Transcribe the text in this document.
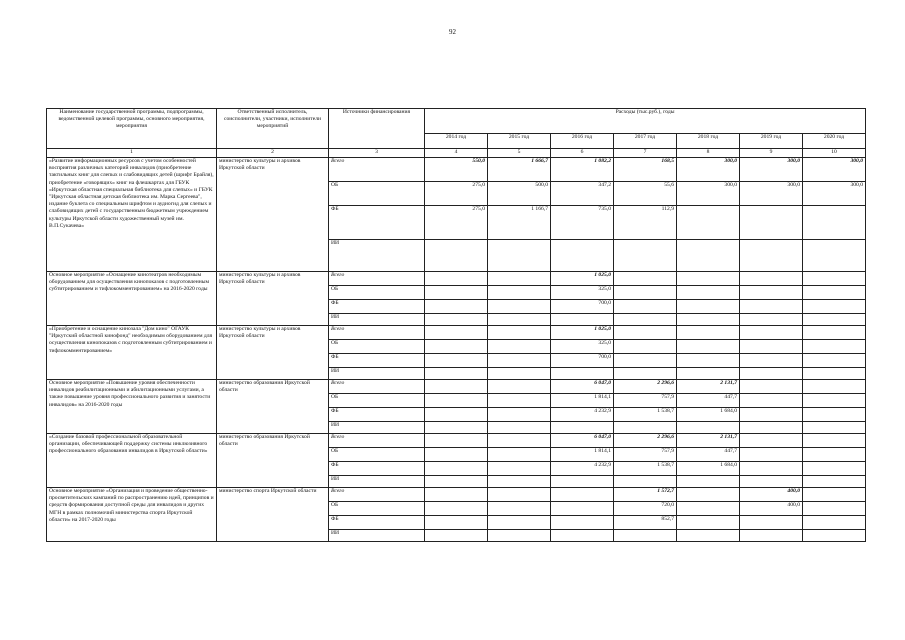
92
Наименование государственной программы, подпрограммы, ведомственной целевой программы, основного мероприятия, мероприятия	Ответственный исполнитель, соисполнители, участники, исполнители мероприятий	Источники финансирования	Расходы (тыс.руб.), годы						
			2014 год	2015 год	2016 год	2017 год	2018 год	2019 год	2020 год
1	2	3	4	5	6	7	8	9	10
«Развитие информационных ресурсов с учетом особенностей восприятия различных категорий инвалидов (приобретение тактильных книг для слепых и слабовидящих детей (шрифт Брайля), приобретение «говорящих» книг на флешкартах для ГБУК «Иркутская областная специальная библиотека для слепых» и ГБУК "Иркутская областная детская библиотека им. Марка Сергеева", издание буклета со специальным шрифтом и аудиогид для слепых и слабовидящих детей с государственным бюджетным учреждением культуры Иркутской области художественный музей им. В.П.Сукачева»	министерство культуры и архивов Иркутской области	Всего	550,0	1 666,7	1 082,2	168,5	300,0	300,0	300,0
		ОБ	275,0	500,0	347,2	55,6	300,0	300,0	300,0
		ФБ	275,0	1 166,7	735,0	112,9			
		ИИ							
Основное мероприятие «Оснащение кинотеатров необходимым оборудованием для осуществления кинопоказов с подготовленным субтитрированием и тифлокомментированием» на 2016-2020 годы	министерство культуры и архивов Иркутской области	Всего			1 025,0				
		ОБ			325,0				
		ФБ			700,0				
		ИИ							
«Приобретение и оснащение кинозала "Дом кино" ОГАУК "Иркутский областной кинофонд" необходимым оборудованием для осуществления кинопоказов с подготовленным субтитрированием и тифлокомментированием»	министерство культуры и архивов Иркутской области	Всего			1 025,0				
		ОБ			325,0				
		ФБ			700,0				
		ИИ							
Основное мероприятие «Повышение уровня обеспеченности инвалидов реабилитационными и абилитационными услугами, а также повышение уровня профессионального развития и занятости инвалидов» на 2016-2020 годы	министерство образования Иркутской области	Всего			6 047,0	2 296,6	2 131,7		
		ОБ			1 814,1	757,9	447,7		
		ФБ			4 232,9	1 538,7	1 684,0		
		ИИ							
«Создание базовой профессиональной образовательной организации, обеспечивающей поддержку системы инклюзивного профессионального образования инвалидов в Иркутской области»	министерство образования Иркутской области	Всего			6 047,0	2 296,6	2 131,7		
		ОБ			1 814,1	757,9	447,7		
		ФБ			4 232,9	1 538,7	1 684,0		
		ИИ							
Основное мероприятие «Организация и проведение общественно-просветительских кампаний по распространению идей, принципов и средств формирования доступной среды для инвалидов и других МГН в рамках полномочий министерства спорта Иркутской области» на 2017-2020 годы	министерство спорта Иркутской области	Всего				1 572,7		400,0	
		ОБ				720,0		400,0	
		ФБ				852,7			
		ИИ							
